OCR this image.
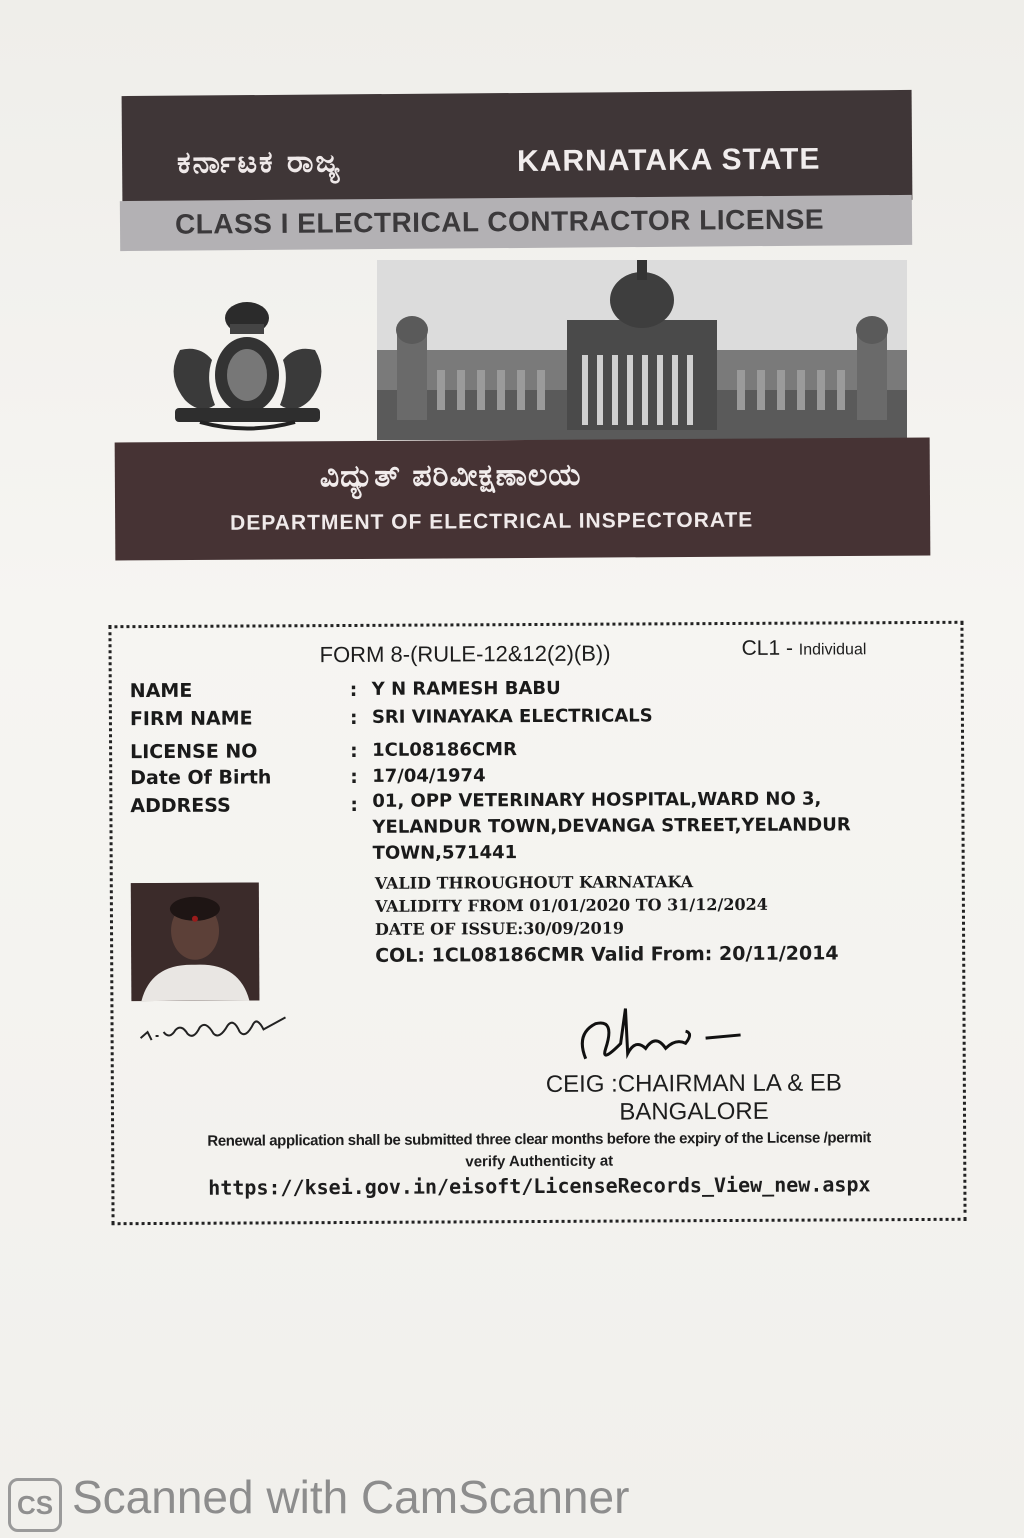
ಕರ್ನಾಟಕ ರಾಜ್ಯ	KARNATAKA STATE
CLASS I ELECTRICAL CONTRACTOR LICENSE
ವಿದ್ಯುತ್ ಪರಿವೀಕ್ಷಣಾಲಯ
DEPARTMENT OF ELECTRICAL INSPECTORATE
FORM 8-(RULE-12&12(2)(B))	CL1 - Individual
NAME	: Y N RAMESH BABU
FIRM NAME	: SRI VINAYAKA ELECTRICALS
LICENSE NO	: 1CL08186CMR
Date Of Birth	: 17/04/1974
ADDRESS	: 01, OPP VETERINARY HOSPITAL,WARD NO 3, YELANDUR TOWN,DEVANGA STREET,YELANDUR TOWN,571441
VALID THROUGHOUT KARNATAKA
VALIDITY FROM 01/01/2020 TO 31/12/2024
DATE OF ISSUE:30/09/2019
COL: 1CL08186CMR Valid From: 20/11/2014
CEIG :CHAIRMAN LA & EB
BANGALORE
Renewal application shall be submitted three clear months before the expiry of the License /permit
verify Authenticity at
https://ksei.gov.in/eisoft/LicenseRecords_View_new.aspx
CS Scanned with CamScanner
